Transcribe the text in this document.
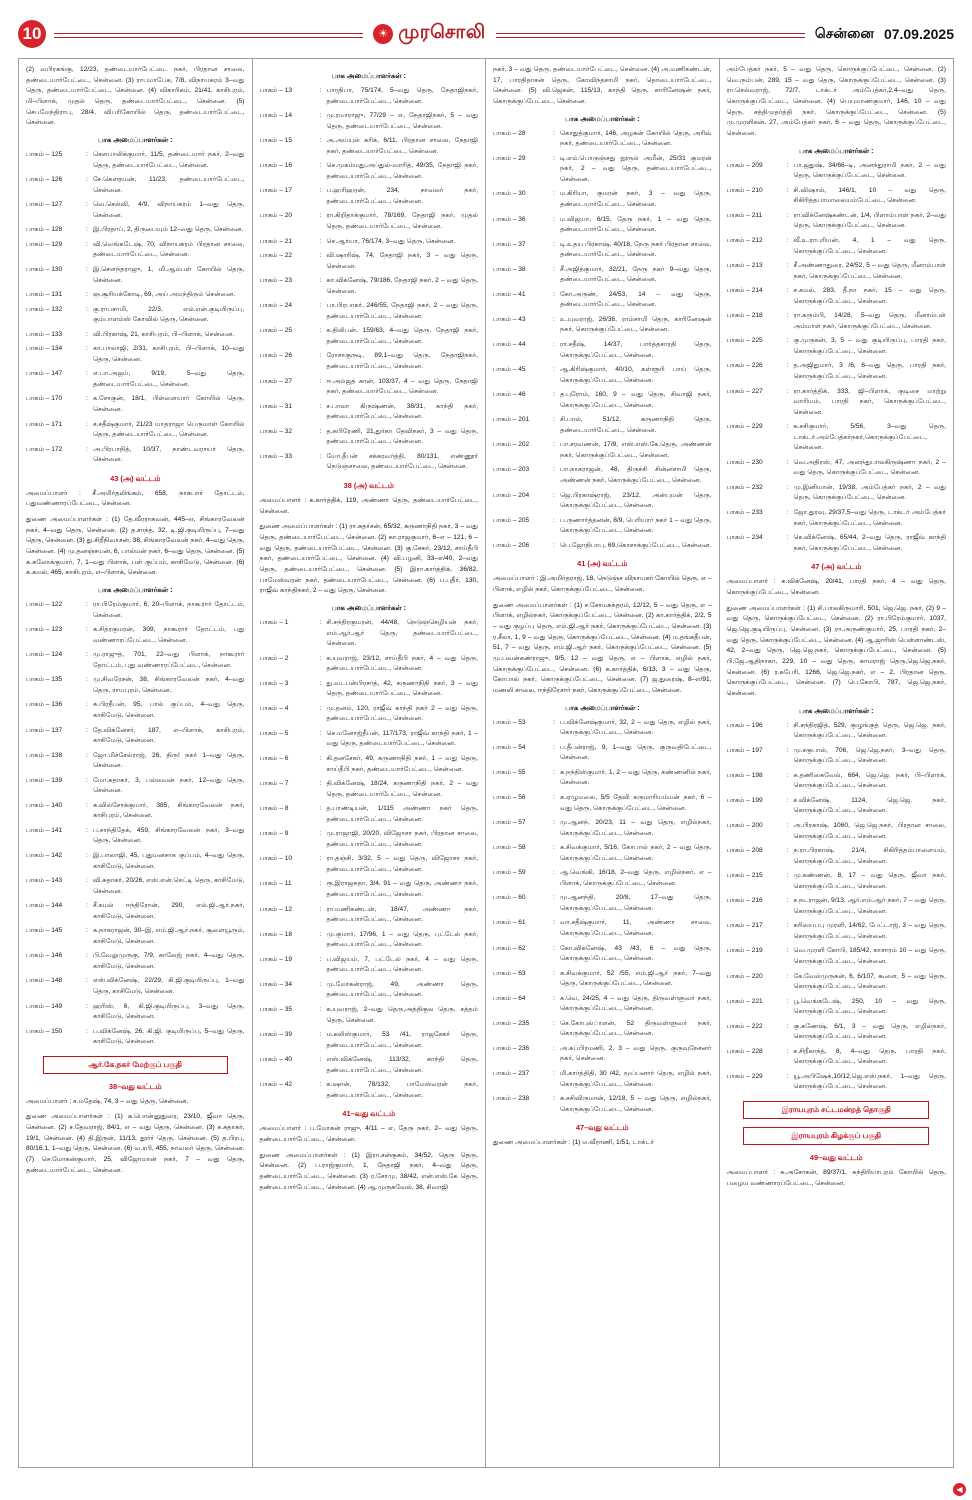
10	☀ முரசொலி	சென்னை 07.09.2025
(2) வபிரகங்கு, 12/23, தண்டையார்பேட்டை நகர், பிரதான சாலை, தண்டையார்பேட்டை, சென்னை. (3) ராபமாபேசு, 7/8, விநாயகரம் 3–வது தெரு, தண்டையார்பேட்டை, சென்னை. (4) விகாரிகம், 21/41, காசிபுரம், மி–பிளாக், முதல் தெரு, தண்டையார்பேட்டை, சென்னை. (5) செபமேந்திராபு, 28/4, விபரிகோயில் தெரு, தண்டையார்பேட்டை, சென்னை.
பாக அமைப்பாளர்கள் :
பாகம் – 125	: சௌபாலிக்குமார், 11/5, தண்டையார் நகர், 2–வது தெரு, தண்டையார்பேட்டை, சென்னை.
பாகம் – 126	: சே.கௌதமன், 11/23, தண்டையார்பேட்டை, சென்னை.
பாகம் – 127	: வெ.செல்வி, 4/9, விநாயகரம் 1–வது தெரு, சென்னை.
பாகம் – 128	: இ.பிரதாப், 2, திருபையும் 12–வது தெரு, சென்னை.
பாகம் – 129	: வி.வெங்கடேஷ், 70, விநாயகரம் பிரதான சாலை, தண்டையார்பேட்டை, சென்னை.
பாகம் – 130	: இ.சௌந்தராஜு, 1, மி.ஆம்பள் கோயில் தெரு, சென்னை.
பாகம் – 131	: ஞ.சூரியக்கோடி, 69, அய் அமந்திரும் சென்னை.
பாகம் – 132	: கு.ராபசாமி, 22/3, எல்.என்.குடியிருப்பு, கும்பாளம்ஸ் கோவில் தெரு, சென்னை.
பாகம் – 133	: வி.பிரகாஷ், 21, காசிபுரம், பி–பிளாக், சென்னை.
பாகம் – 134	: கா.பாலாஜி, 2/31, காசிபுரம், பி–பிளாக், 10–வது தெரு, சென்னை.
பாகம் – 147	: எ.பா.அஜய், 9/19, 5–வது தெரு, தண்டையார்பேட்டை, சென்னை.
பாகம் – 170	: க.சோகுன், 18/1, பிள்ளையார் கோயில் தெரு, சென்னை.
பாகம் – 171	: ச.சதீஷ்குமார், 21/23 யாதராஜா பெருமாள் கோயில் தெரு, தண்டையார்பேட்டை, சென்னை.
பாகம் – 172	: அ.பிரபாநித், 10/37, நாண்டவராயர் தெரு, சென்னை.
43 (அ) வட்டம்
அமைப்பாளர் : சீ.அமிர்தலிங்கம், 658, நாகபார் தோட்டம், புதுவண்ணாரப்பேட்டை, சென்னை.
துணை அமைப்பாளர்கள் : (1) தே.வீரராகவன், 445–எ, சிங்காரவேலன் நகர், 4–வது தெரு, சென்னை. (2) த.சாந்த், 32, டி.ஜி.குடியிருப்பு, 7–வது தெரு, சென்னை. (3) து.சிறீநிவாசன், 38, சிங்காரவேலன் நகர், 4–வது தெரு, சென்னை. (4) மு.தனஞ்சயன், 6, பால்மன் நகர், 6–வது தெரு, சென்னை. (5) சு.சுலோக்குமார், 7, 1–வது பிளாக், பள் குப்பம், காசிமேடு, சென்னை. (6) க.கமல், 465, காசிபுரம், எ–பிளாக், சென்னை.
பாக அமைப்பாளர்கள் :
பாகம் – 122	: ரா.பிரேம்குமார், 6, 20–பிளாக், நாகூரார் தோட்டம், சென்னை.
பாகம் – 123	: சு.சித்ரகுமரன், 309, நாகூரார் தோட்டம், புது வண்ணாரப்பேட்டை, சென்னை.
பாகம் – 124	: மு.ராஜுத், 701, 22–வது பிளாக், நாகூரார் தோட்டம், புது வண்ணாரப்பேட்டை, சென்னை.
பாகம் – 135	: மு.சிவரேசன், 38, சிங்காரவேலன் நகர், 4–வது தெரு, ராயபுரம், சென்னை.
பாகம் – 136	: சு.பிரதீபன், 95, பால் குப்பம், 4–வது தெரு, காசிமேடு, சென்னை.
பாகம் – 137	: தே.விக்னேசர், 187, எ–பிளாக், காசிபுரம், காசிமேடு, சென்னை.
பாகம் – 138	: ஜோ.மிச்சேல்ராஜ், 26, திரு! நகர் 1–வது தெரு, சென்னை.
பாகம் – 139	: மோ.சுதாகர், 3, பல்லவன் நகர், 12–வது தெரு, சென்னை.
பாகம் – 140	: சு.வில்சோக்குமார், 385, சிங்காரவேலன் நகர், காசிபுரம், சென்னை.
பாகம் – 141	: ப.சாந்திதேக், 459, சிங்காரவேலன் நகர், 3–வது தெரு, சென்னை.
பாகம் – 142	: இ.பாலாஜி, 45, புதுமனசாக குப்பம், 4–வது தெரு, காசிமேடு, சென்னை.
பாகம் – 143	: வி.சுதாகர், 20/26, எஸ்.என்.செட்டி தெரு, காசிமேடு, சென்னை.
பாகம் – 144	: சீ.கமல் ஈந்திரோன், 290, எல்.ஜி.ஆர்.நகர், காசிமேடு, சென்னை.
பாகம் – 145	: க.நாகராஜன், 30–இ, எம்.ஜி.ஆர்.நகர், சூளையூரும், காசிமேடு, சென்னை.
பாகம் – 146	: பி.வேலுமுருகு, 7/9, காலேஜ் நகர், 4–வது தெரு, காசிமேடு, சென்னை.
பாகம் – 148	: எஸ்.விக்னேஷ், 22/29, கி.ஜி.குடியிருப்பு, 1–வது தெரு, காசிமேடு, சென்னை.
பாகம் – 149	: ஹரிஸ், 6, கி.ஜி.குடியிருப்பு, 3–வது தெரு, காசிமேடு, சென்னை.
பாகம் – 150	: ப.விக்னேஷ், 26, கி.ஜி. குடியிருப்பு, 5–வது தெரு, காசிமேடு, சென்னை.
ஆர்.கே.நகர் மேற்குப் பகுதி
38–வது வட்டம்
அமைப்பாளர் : ச.மதேஷ், 74, 3 – வது தெரு, சென்னை.
துணை அமைப்பாளர்கள் : (1) க.பொன்னுதுரை, 23/10, ஜீவா தெரு, சென்னை. (2) ச.தேவராஜ், 84/1, எ – வது தெரு, சென்னை. (3) ச.சுதாகர், 19/1, சென்னை. (4) தி.இருள், 11/13, தூர்ர் தெரு, சென்னை. (5) த.பிரபு, 80/16.1, 1–வது தெரு, சென்னை. (6) வ.ரபி, 455, நாவலர் தெரு, சென்னை. (7) செ.மோகன்குமார், 25, விஜோமான் நகர், 7 – வது தெரு, தண்டையார்பேட்டை, சென்னை.
பாக அமைப்பாளர்கள் :
பாகம் – 13	: பாரதிபா, 75/174, 5–வது தெரு, நேதாஜிநகர், தண்டையார்பேட்டை, சென்னை.
பாகம் – 14	: மு.ரமாராஜு, 77/29 – எ, நேதாஜிநகர், 5 – வது தெரு, தண்டையார்பேட்டை, சென்னை.
பாகம் – 15	: அ.அய்யுல் கரிக், 6/11, பிரதான சாலை, நேதாஜி நகர், தண்டையார்பேட்டை, சென்னை.
பாகம் – 16	: செ.முகம்மது,அப்துல்-வாரித், 49/35, நேதாஜி நகர், தண்டையார்பேட்டை, சென்னை.
பாகம் – 17	: ப.ஹரிஹரன், 234, நாவலர் நகர், தண்டையார்பேட்டை, சென்னை.
பாகம் – 20	: ரா.கிறிதாக்குமார், 78/169, நேதாஜி நகர், முதல் தெரு, தண்டையார்பேட்டை, சென்னை.
பாகம் – 21	: செ.ஆர்யா, 76/174, 3–வது தெரு, சென்னை.
பாகம் – 22	: வி.ஷாரிஷ், 74, நேதாஜி நகர், 3 – வது தெரு, சென்னை.
பாகம் – 23	: கா.விக்னேஷ், 79/186, நேதாஜி நகர், 2 – வது தெரு, சென்னை.
பாகம் – 24	: பா.பிரபாகர், 246/55, நேதாஜி நகர், 2 – வது தெரு, தண்டையார்பேட்டை, சென்னை.
பாகம் – 25	: க.திலிபன், 159/63, 4–வது தெரு, நேதாஜி நகர், தண்டையார்பேட்டை, சென்னை.
பாகம் – 26	: ரோசாகுருடி, 89,1–வது தெரு, நேதாஜிநகர், தண்டையார்பேட்டை, சென்னை.
பாகம் – 27	: ஈ.அம்ஜத் கான், 103/37, 4 – வது தெரு, நேதாஜி நகர், தண்டையார்பேட்டை, சென்னை.
பாகம் – 31	: ச.பாலா கிருஷ்ணன், 38/31, காந்தி நகர், தண்டையார்பேட்டை, சென்னை.
பாகம் – 32	: த.கபிரேணி, 21,துர்கா தேவிநகர், 3 – வது தெரு, தண்டையார்பேட்டை, சென்னை.
பாகம் – 33	: யோ.தீபன் சக்கரவர்த்தி, 80/131, எண்ணூர் நெடுஞ்சாலை, தண்டையார்பேட்டை, சென்னை.
38 (அ) வட்டம்
அமைப்பாளர் : க.கார்த்திக், 119, அண்ணா தெரு, தண்டையார்பேட்டை, சென்னை.
துணை அமைப்பாளர்கள் : (1) ரா.சுதர்சன், 65/32, கருணாநிதி நகர், 3 – வது தெரு, தண்டையார்பேட்டை, சென்னை. (2) கா.ராஜகுமார், 6–எ – 121, 6 – வது தெரு, தண்டையார்பேட்டை, சென்னை. (3) கு.சேகர், 23/12, சாய்தீபி நகர், தண்டையார்பேட்டை, சென்னை. (4) வி.பழனி, 33–எ/40, 2–வது தெரு, தண்டையார்பேட்டை, சென்னை. (5) இரா.கார்த்திக், 36/82, பாமேஸ்வரன் நகர், தண்டையார்பேட்டை, சென்னை. (6) ப.புதீர், 130, ராஜீவ் காந்திநகர், 2 – வது தெரு, சென்னை.
பாக அமைப்பாளர்கள் :
பாகம் – 1	: சி.சந்திரகுமரன், 44/48, நெடுஞ்செழியன் நகர், எம்.ஆர்.ஆர் தெரு, தண்டையார்பேட்டை, சென்னை.
பாகம் – 2	: க.யுவராஜ், 23/12, சாய்தீபி நகர், 4 – வது தெரு, தண்டையார்பேட்டை, சென்னை.
பாகம் – 3	: து.வடபன்பிரசாத், 42, கருணாநிதி நகர், 3 – வது தெரு, தண்டையார்பேட்டை, சென்னை.
பாகம் – 4	: மு.தனம், 120, ராஜீவ் காந்தி நகர் 2 – வது தெரு, தண்டையார்பேட்டை, சென்னை.
பாகம் – 5	: செ.மனோஜ்தீபன், 117/173, ராஜீவ் காந்தி நகர், 1 – வது தெரு, தண்டையார்பேட்டை, சென்னை.
பாகம் – 6	: கி.தனசேகர், 49, கருணாநிதி நகர், 1 – வது தெரு, சாய்தீபி நகர், தண்டையார்பேட்டை, சென்னை.
பாகம் – 7	: தி.விக்னேஷ், 18/24, கருணாநிதி நகர், 2 – வது தெரு, தண்டையார்பேட்டை, சென்னை.
பாகம் – 8	: த.பாண்டியன், 1/115 அண்ணா நகர் தெரு, தண்டையார்பேட்டை, சென்னை.
பாகம் – 9	: மு.ராஜாஜி, 20/20, விஜோசா நகர், பிரதான சாலை, தண்டையார்பேட்டை, சென்னை.
பாகம் – 10	: ரா.தஞ்சி, 3/32, 5 – வது தெரு, விஜோசா நகர், தண்டையார்பேட்டை, சென்னை.
பாகம் – 11	: ரூ.இராஜசுதா, 3/4, 91 – வது தெரு, அண்ணா நகர், தண்டையார்பேட்டை, சென்னை.
பாகம் – 12	: ரா.மணிகண்டன், 18/47, அண்ணா நகர், தண்டையார்பேட்டை, சென்னை.
பாகம் – 18	: மு.குமார், 17/96, 1 – வது தெரு, புட்டேல் நகர், தண்டையார்பேட்டை, சென்னை.
பாகம் – 19	: ப.விஜயம், 7, பட்டேல் நகர், 4 – வது தெரு, தண்டையார்பேட்டை, சென்னை.
பாகம் – 34	: மு.மோகன்ராஜ், 49, அண்ணா தெரு, தண்டையார்பேட்டை, சென்னை.
பாகம் – 35	: க.யுவராஜ், 2–வது தெரு,அத்திகுல தெரு, சத்தம் தெரு, சென்னை.
பாகம் – 39	: ம.கலிஸ்குமார், 53 /41, ராஜசேகர் தெரு, தண்டையார்பேட்டை, சென்னை.
பாகம் – 40	: எஸ்.விக்னேஷ், 113/32, காந்தி தெரு, தண்டையார்பேட்டை, சென்னை.
பாகம் – 42	: க.ஷான், 78/132, பாமேஸ்வரன் நகர், தண்டையார்பேட்டை, சென்னை.
41–வது வட்டம்
அமைப்பாளர் : ப.மோகன் ராஜு, 4/11 – எ, தேரு நகர், 2– வது தெரு, தண்டையார்பேட்டை, சென்னை.
துணை அமைப்பாளர்கள் : (1) இரா.சன்குகம், 34/52, தெரு தெரு, சென்னை. (2) ப.ராஜ்குமார், 1, நேதாஜி நகர், 4–வது தெரு, தண்டையார்பேட்டை, சென்னை. (3) ர.சோமு, 38/42, என்.எஸ்.கே தெரு, தண்டையார்பேட்டை, சென்னை. (4) ஆ.முருகவேல், 38, சிவாஜி
நகர், 3 – வது தெரு, தண்டையார்பேட்டை, சென்னை. (4) அ.மணிகண்டன், 17, பாரதிதாசன் தெரு, கோவிந்தசாமி நகர், தொடையார்பேட்டை, சென்னை. (5) வி.ஜெகன், 115/13, காந்தி தெரு, காரினேஷன் நகர், கொருக்குப்பேட்டை, சென்னை.
பாக அமைப்பாளர்கள் :
பாகம் – 28	: கொதுத்குமார், 146, அழகன் கோயில் தெரு, அரிவ் நகர், தண்டையார்பேட்டை, சென்னை.
பாகம் – 29	: டி.எம்.பொருஞ்சது நூருல் அமீன், 25/31 குமரன் நகர், 2 – வது தெரு, தண்டையார்பேட்டை, சென்னை.
பாகம் – 30	: ம.கிரியா, குமரன் நகர், 3 – வது தெரு, தண்டையார்பேட்டை, சென்னை.
பாகம் – 36	: ம.விஜயா, 6/15, தேரு நகர், 1 – வது தெரு, தண்டையார்பேட்டை, சென்னை.
பாகம் – 37	: டி.உதய பிரகாஷ், 40/18, நேரு நகர் பிரதான சாலை, தண்டையார்பேட்டை, சென்னை.
பாகம் – 38	: சீ.அஜித்குமார், 32/21, நேரு நகர் 9–வது தெரு, தண்டையார்பேட்டை, சென்னை.
பாகம் – 41	: கோ.அருண், 24/53, 14 – வது தெரு, தண்டையார்பேட்டை, சென்னை.
பாகம் – 43	: உ.யுவராஜ், 26/36, ராம்சாமி தெரு, காரினேஷன் நகர், கொருக்குப்பேட்டை, சென்னை.
பாகம் – 44	: ரா.சதீஷ், 14/37, பார்த்தசாரதி தெரு, கொருக்குப்பேட்டை, சென்னை.
பாகம் – 45	: ஆ.கிரிஷ்குமார், 40/10, கள்ளூரி பாய் தெரு, கொருக்குப்பேட்டை, சென்னை.
பாகம் – 46	: த.புரோம், 160, 9 – வது தெரு, சிவாஜி நகர், கொருக்குப்பேட்டை, சென்னை.
பாகம் – 201	: சி.பால், 51/12, கருணாநிதி தெரு, தண்டையார்பேட்டை, சென்னை.
பாகம் – 202	: பா.சரவணன், 17/9, எஸ்.எஸ்.கே.தெரு, அண்ணன் நகர், கொருக்குப்பேட்டை, சென்னை.
பாகம் – 203	: பா.நாகராஜன், 48, திருச்சி சின்னசாமி தெரு, அண்ணன் நகர், கொருக்குப்பேட்டை, சென்னை.
பாகம் – 204	: ஜெ.பிரகாஷ்ராஜ், 23/12, அன்புமன் தெரு, கொருக்குப்பேட்டை, சென்னை.
பாகம் – 205	: ப.ருணார்த்தனன், 8/9, பெரியார் நகர் 1 – வது தெரு, கொருக்குப்பேட்டை, சென்னை.
பாகம் – 206	: பெ.ஜோதிபாபு, 69,கொசாக்குப்பேட்டை, சென்னை.
41 (அ) வட்டம்
அமைப்பாளர் : இ.அமிர்தராஜ், 18, நெடுஞ்ச விநாயகர் கோயில் தெரு, எ – பிளாக், எழில் நகர், கொருக்குப்பேட்டை, சென்னை.
துணை அமைப்பாளர்கள் : (1) ச.சோமசுந்தரம், 12/12, 5 – வது தெரு, எ – பிளாக், எழில்நகர், கொருக்குப்பேட்டை, சென்னை. (2) கா.கார்த்திக், 2/2, 5 – வது குழப்பு தெரு, எம்.ஜி.ஆர் நகர், கொருக்குப்பேட்டை, சென்னை. (3) ர.சீலா, 1, 9 – வது தெரு, கொருக்குப்பேட்டை, சென்னை. (4) ம.தங்கதீபன், 51, 7 – வது தெரு, எம்.ஜி.ஆர் நகர், கொருக்குப்பேட்டை, சென்னை. (5) மு.பவன்கண்ராஜு, 9/5, 12 – வது தெரு, எ – பிளாக், எழில் நகர், கொருக்குப்பேட்டை, சென்னை. (6) க.கார்த்திக், 6/13, 3 – வது தெரு, கோபால் நகர், கொருக்குப்பேட்டை, சென்னை. (7) ஜ.துரைஷ், 8–எ/91, மணலி சாலை, ஈந்திரேசார் நகர், கொருக்குப்பேட்டை, சென்னை.
பாக அமைப்பாளர்கள் :
பாகம் – 53	: ப.விக்னேஷ்குமார், 32, 2 – வது தெரு, எழில் நகர், கொருக்குப்பேட்டை, சென்னை.
பாகம் – 54	: ப.தீபன்ராஜ், 9, 1–வது தெரு, குருவதிபேட்டை, சென்னை.
பாகம் – 55	: க.நந்திஸ்குமார், 1, 2 – வது தெரு, கண்ணனில் நகர், சென்னை.
பாகம் – 56	: க.ஏழுமலை, 5/5 தேவி கருமாரியம்மன் நகர், 6 – வது தெரு, கொருக்குப்பேட்டை, சென்னை.
பாகம் – 57	: மு.ஆனந், 20/23, 11 – வது தெரு, எழில்நகர், கொருக்குப்பேட்டை, சென்னை.
பாகம் – 58	: க.சிவக்குமார், 5/16, கோபால் நகர், 2 – வது தெரு, கொருக்குப்பேட்டை, சென்னை.
பாகம் – 59	: ஆ.வெங்கி, 16/18, 2–வது தெரு, எழில்நகர், எ – பிளாக், கொருக்குப்பேட்டை, சென்னை.
பாகம் – 60	: மு.ஆனந்தி, 20/8, 17–வது தெரு, கொருக்குப்பேட்டை, சென்னை.
பாகம் – 61	: வா.சதீஷ்குமார், 11, அண்ணா சாலை, கொருக்குப்பேட்டை, சென்னை.
பாகம் – 62	: கோ.விக்னேஷ், 43 /43, 6 – வது தெரு, கொருக்குப்பேட்டை, சென்னை.
பாகம் – 63	: சு.சிவக்குமார், 52 /55, எம்.ஜி.ஆர் நகர், 7–வது தெரு, கொருக்குப்பேட்டை, சென்னை.
பாகம் – 64	: க.வெ, 24/25, 4 – வது தெரு, திருவள்ளுவர் நகர், கொருக்குப்பேட்டை, சென்னை.
பாகம் – 235	: செ.கோபுல்ாளன், 52 திருவள்ளுவர் நகர், கொருக்குப்பேட்டை, சென்னை.
பாகம் – 236	: அ.சுப்பிரமணி, 2, 3 – வது தெரு, குருவுநேசனர் நகர், சென்னை.
பாகம் – 237	: மி.கார்த்திதி, 30 /42, மூப்பனார் தெரு, எழில் நகர், கொருக்குப்பேட்டை, சென்னை.
பாகம் – 238	: சு.சசிவிருமான், 12/18, 5 – வது தெரு, எழில்நகர், கொருக்குப்பேட்டை, சென்னை.
47–வது வட்டம்
துணை அமைப்பாளர்கள் : (1) ம.வீராணி, 1/51, டாக்டர்
அம்பேத்கர் நகர், 5 – வது தெரு, கொருக்குப்பேட்டை, சென்னை. (2) வெ.ரும்பன், 289, 15 – வது தெரு, கொருக்குப்பேட்டை, சென்னை. (3) ரா.செல்வராஜ், 72/7, டாக்டர் அம்பேத்கர்,2,4–வது தெரு, கொருக்குப்பேட்டை, சென்னை. (4) பெயுமாணகுமார், 146, 10 – வது தெரு, சத்திமுதர்த்தி நகர், கொருக்குப்பேட்டை, சென்னை. (5) மு.முரளிகன், 27, அம்பேத்கர் நகர், 6 – வது தெரு, கொருக்குப்பேட்டை, சென்னை.
பாக அமைப்பாளர்கள் :
பாகம் – 209	: பா.ஜதுஷ், 34/66–டி, அனந்துராமி நகர், 2 – வது தெரு, கொருக்குப்பேட்டை, சென்னை.
பாகம் – 210	: சி.விஷால், 146/1, 10 – வது தெரு, சிகிரித்தபாமாலையம்பேட்டை, சென்னை.
பாகம் – 211	: ரா.விக்னேஷ்கண்டன், 1/4, பிளாம்பாள் நகர், 2–வது தெரு, கொருக்குப்பேட்டை, சென்னை.
பாகம் – 212	: வீ.உ.ராபுரியன், 4, 1 – வது தெரு, கொருக்குப்பேட்டை, சென்னை.
பாகம் – 213	: சீ.அண்ணாதுரை, 24/52, 5 – வது தெரு, மீனாம்பாள் நகர், கொருக்குப்பேட்டை, சென்னை.
பாகம் – 214	: ச.கமல், 283, தீ.நா நகர், 15 – வது தெரு, கொருக்குப்பேட்டை, சென்னை.
பாகம் – 218	: ரா.கரும்பி, 14/28, 5–வது தெரு, மீனாம்பள் அம்மாள் நகர், கொருக்குப்பேட்டை, சென்னை.
பாகம் – 225	: கு.முருகன், 3, 5 – வது குடியிருப்பு, பாரதி நகர், கொருக்குப்பேட்டை, சென்னை.
பாகம் – 226	: த.அஜிதுமார், 3 /6, 6–வது தெரு, பாரதி நகர், கொருக்குப்பேட்டை, சென்னை.
பாகம் – 227	: ரா.கார்த்திக், 333, ஜி–பிளாக், குடிசை மாற்று வாரியம், பாரதி நகர், கொருக்குப்பேட்டை, சென்னை.
பாகம் – 229	: க.சசிகுமார், 5/56, 3–வது தெரு, டாக்டர்.அம்பேத்கர்நகர்,கொருக்குப்பேட்டை, சென்னை.
பாகம் – 230	: வெ.அதிரஸ், 47, அனந்துபாலகிருஷ்ணா நகர், 2 – வது தெரு, கொருக்குப்பேட்டை, சென்னை.
பாகம் – 232	: மு.இனியான், 19/38, அம்பேத்கர் நகர், 2 – வது தெரு, கொருக்குப்பேட்டை, சென்னை.
பாகம் – 233	: ஜோ.துரவு, 29/37,5–வது தெரு, டாக்டர் அம்பேத்கர் நகர், கொருக்குப்பேட்டை, சென்னை.
பாகம் – 234	: செ.விக்னேஷ், 65/44, 2–வது தெரு, ராஜீவ் காந்தி நகர், கொருக்குப்பேட்டை, சென்னை.
47 (அ) வட்டம்
அமைப்பாளர் : சு.விக்னேஷ், 20/41, பாரதி நகர், 4 – வது தெரு, கொருக்குப்பேட்டை, சென்னை.
துணை அமைப்பாளர்கள் : (1) சி.பாலகிருமாரி, 501, ஜெ.ஜெ. நகர், (2) 9 – வது தெரு, கொருக்குப்பேட்டை, சென்னை. (2) ரா.பிரேம்குமார், 1037, ஜெ.ஜெ.குடியிருப்பு, சென்னை. (3) ரா.அருண்குமார், 25, பாரதி நகர், 2–வது தெரு, கொருக்குப்பேட்டை, சென்னை. (4) ஆ.ஜாரிஸ் பெள்ளாண்டஸ், 42, 2–வது தெரு, ஜெ.ஜெ.நகர், கொருக்குப்பேட்டை, சென்னை. (5) பி.ஜே.ஆதிநாகா, 229, 10 – வது தெரு, காமராஜ் தெரு,ஜெ.ஜெ.நகர், சென்னை. (6) ர.கபேரி, 1266, ஜெ.ஜெ.நகர், எ – 2, பிரதான தெரு, கொருக்குப்பேட்டை, சென்னை. (7) பெ.கோபி, 787, ஜெ.ஜெ.நகர், சென்னை.
பாக அமைப்பாளர்கள் :
பாகம் – 196	: சி.சந்திரஜித், 529, குழுங்குத் தெரு, ஜெ.ஜெ. நகர், கொருக்குப்பேட்டை, சென்னை.
பாகம் – 197	: மு.சகுபால், 706, ஜெ.ஜெ.நகர், 3–வது தெரு, கொருக்குப்பேட்டை, சென்னை.
பாகம் – 198	: சு.தணிகைவேல், 664, ஜெ.ஜெ. நகர், பி–பிளாக், கொருக்குப்பேட்டை, சென்னை.
பாகம் – 199	: ச.விக்னேஷ், 1124, ஜெ.ஜெ. நகர், கொருக்குப்பேட்டை, சென்னை.
பாகம் – 200	: அ.பிரகாஷ், 1060, ஜெ.ஜெ.நகர், பிரதான சாலை, கொருக்குப்பேட்டை, சென்னை.
பாகம் – 208	: ந.ரா.பிரகாஷ், 21/4, சிகிரித்தம்பாளையம், கொருக்குப்பேட்டை, சென்னை.
பாகம் – 215	: மு.கண்ணன், 8, 17 – வது தெரு, ஜீவா நகர், கொருக்குப்பேட்டை, சென்னை.
பாகம் – 216	: ச.நடராஜன், 9/13, ஆர்.எம்.ஆர் நகர், 7 – வது தெரு, கொருக்குப்பேட்டை, சென்னை.
பாகம் – 217	: கரியைபபு முரளி, 14/62, பேட்டாஜ், 3 – வது தெரு, கொருக்குப்பேட்டை, சென்னை.
பாகம் – 219	: வெ.முரளி கோபி, 185/42, காசாரம் 10 – வது தெரு, கொருக்குப்பேட்டை, சென்னை.
பாகம் – 220	: கே.வேல்முருகன், 6, 6/107, கூளை, 5 – வது தெரு, கொருக்குப்பேட்டை, சென்னை.
பாகம் – 221	: பூ.வெங்கடேஷ், 250, 10 – வது தெரு, கொருக்குப்பேட்டை, சென்னை.
பாகம் – 222	: கு.கணேஷ், 6/1, 3 – வது தெரு, எழில்நகர், கொருக்குப்பேட்டை, சென்னை.
பாகம் – 228	: ச.சிறீகாந்த், 8, 4–வது தெரு, பாரதி நகர், கொருக்குப்பேட்டை, சென்னை.
பாகம் – 229	: யூ.அபிஷேக்,10/12,ஜெ.எஸ்.நகர், 1–வது தெரு, கொருக்குப்பேட்டை, சென்னை.
இராயபுரம் சட்டமன்றத் தொகுதி
இராயபுரம் கிழக்குப் பகுதி
49–வது வட்டம்
அமைப்பாளர் : சு.அசோகன், 89/37/1, சுந்திரியாபுரம் கோயில் தெரு, பழைய வண்ணாரப்பேட்டை, சென்னை.
◀
